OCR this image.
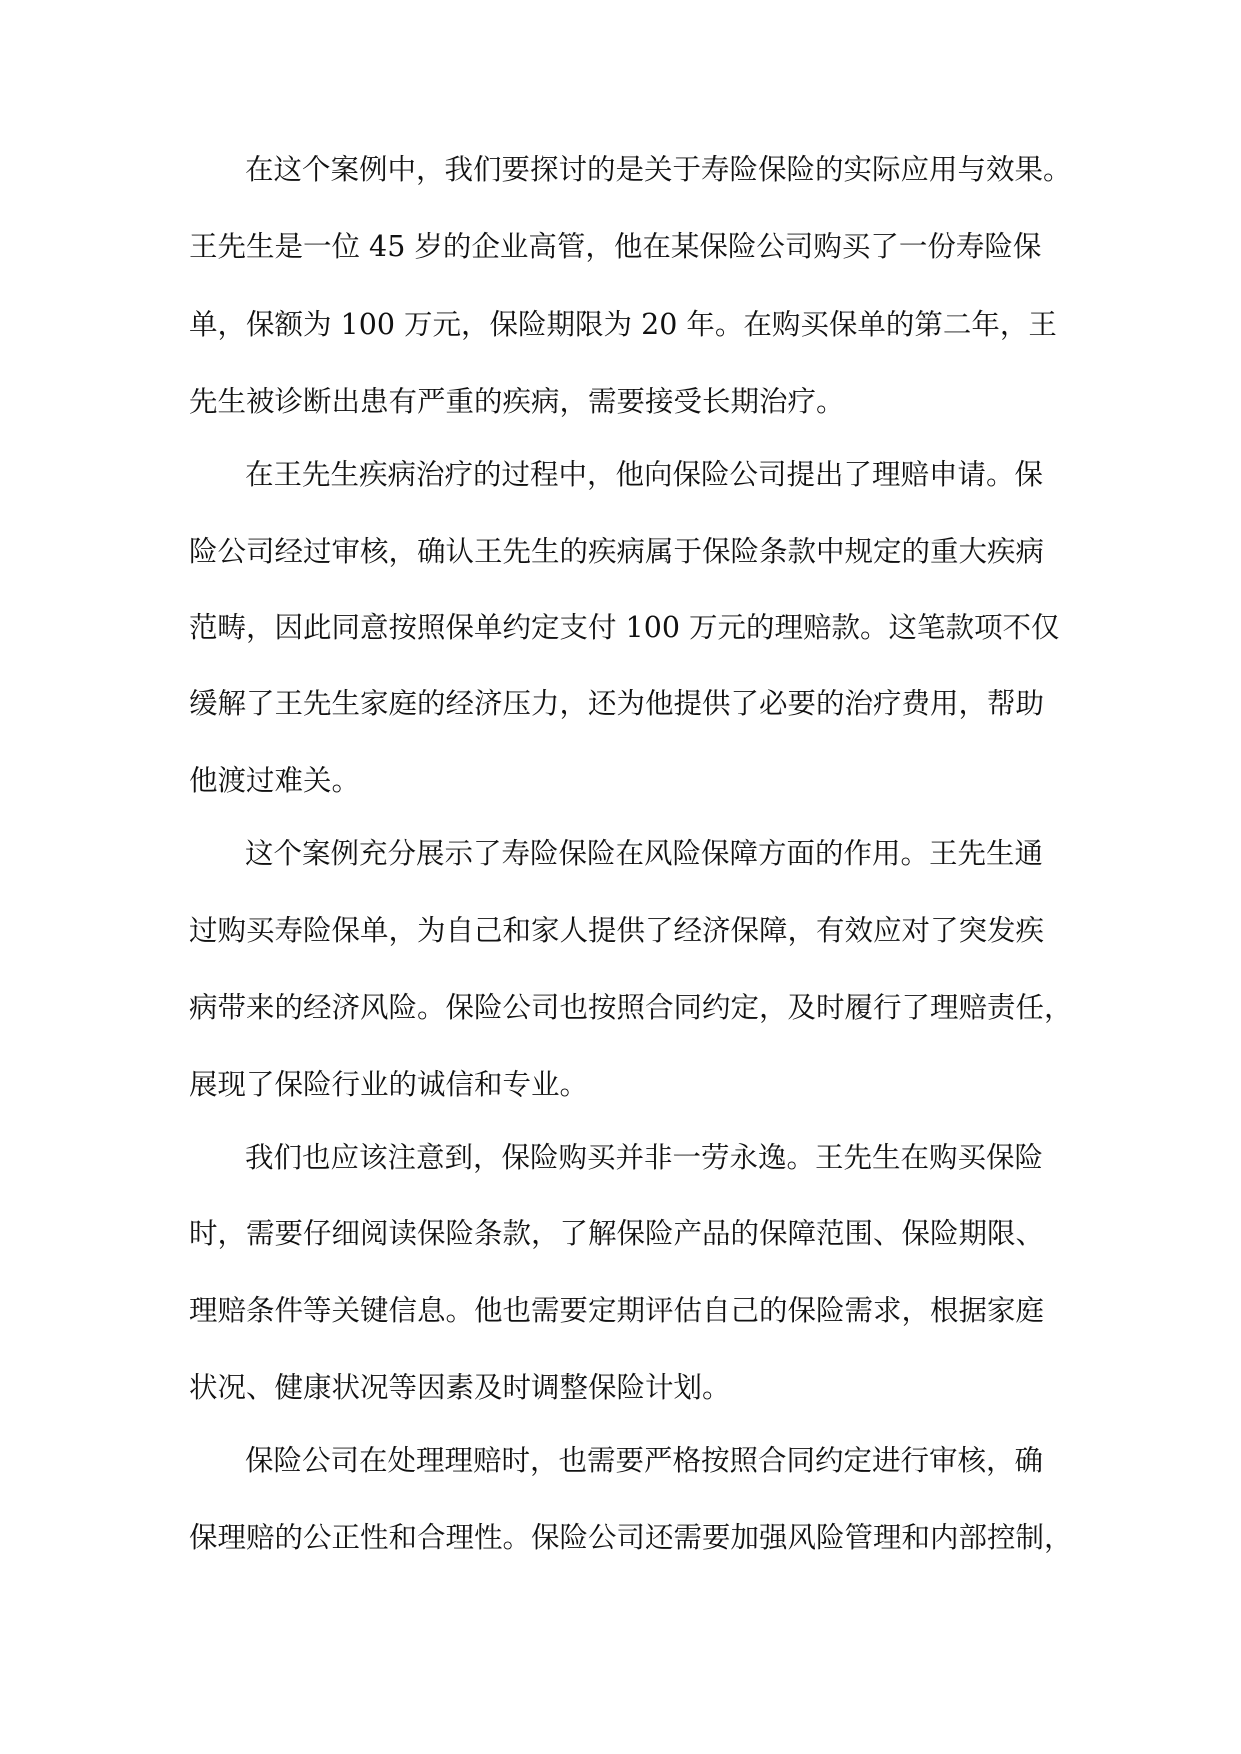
在这个案例中，我们要探讨的是关于寿险保险的实际应用与效果。

王先生是一位 45 岁的企业高管，他在某保险公司购买了一份寿险保

单，保额为 100 万元，保险期限为 20 年。在购买保单的第二年，王

先生被诊断出患有严重的疾病，需要接受长期治疗。

在王先生疾病治疗的过程中，他向保险公司提出了理赔申请。保

险公司经过审核，确认王先生的疾病属于保险条款中规定的重大疾病

范畴，因此同意按照保单约定支付 100 万元的理赔款。这笔款项不仅

缓解了王先生家庭的经济压力，还为他提供了必要的治疗费用，帮助

他渡过难关。

这个案例充分展示了寿险保险在风险保障方面的作用。王先生通

过购买寿险保单，为自己和家人提供了经济保障，有效应对了突发疾

病带来的经济风险。保险公司也按照合同约定，及时履行了理赔责任，

展现了保险行业的诚信和专业。

我们也应该注意到，保险购买并非一劳永逸。王先生在购买保险

时，需要仔细阅读保险条款，了解保险产品的保障范围、保险期限、

理赔条件等关键信息。他也需要定期评估自己的保险需求，根据家庭

状况、健康状况等因素及时调整保险计划。

保险公司在处理理赔时，也需要严格按照合同约定进行审核，确

保理赔的公正性和合理性。保险公司还需要加强风险管理和内部控制，
